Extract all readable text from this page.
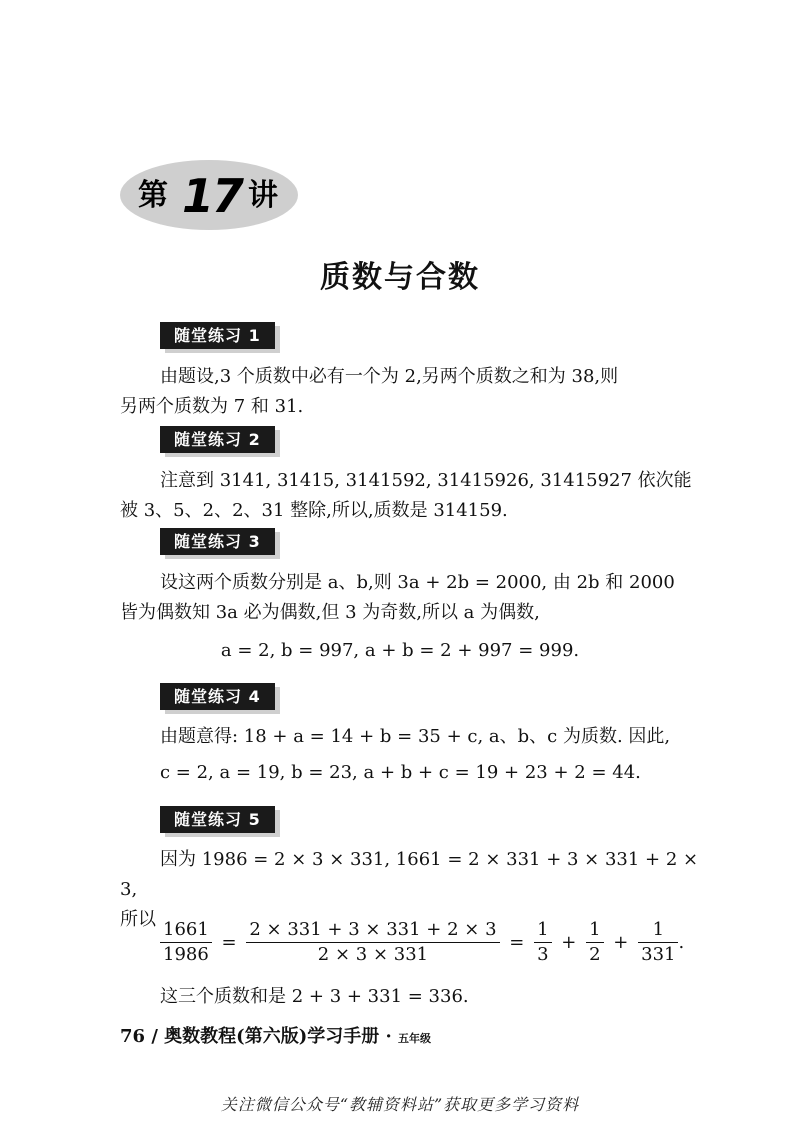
第 17 讲
质数与合数
随堂练习 1
由题设,3 个质数中必有一个为 2,另两个质数之和为 38,则
另两个质数为 7 和 31.
随堂练习 2
注意到 3141, 31415, 3141592, 31415926, 31415927 依次能
被 3、5、2、2、31 整除,所以,质数是 314159.
随堂练习 3
设这两个质数分别是 a、b,则 3a + 2b = 2000, 由 2b 和 2000
皆为偶数知 3a 必为偶数,但 3 为奇数,所以 a 为偶数,
a = 2, b = 997, a + b = 2 + 997 = 999.
随堂练习 4
由题意得: 18 + a = 14 + b = 35 + c, a、b、c 为质数. 因此,
c = 2, a = 19, b = 23, a + b + c = 19 + 23 + 2 = 44.
随堂练习 5
因为 1986 = 2 × 3 × 331, 1661 = 2 × 331 + 3 × 331 + 2 × 3,
所以 $\frac{1661}{1986} = \frac{2 \times 331 + 3 \times 331 + 2 \times 3}{2 \times 3 \times 331} = \frac{1}{3} + \frac{1}{2} + \frac{1}{331}$ .
这三个质数和是 2 + 3 + 331 = 336.
76 / 奥数教程(第六版)学习手册 · 五年级
关注微信公众号“教辅资料站”获取更多学习资料
